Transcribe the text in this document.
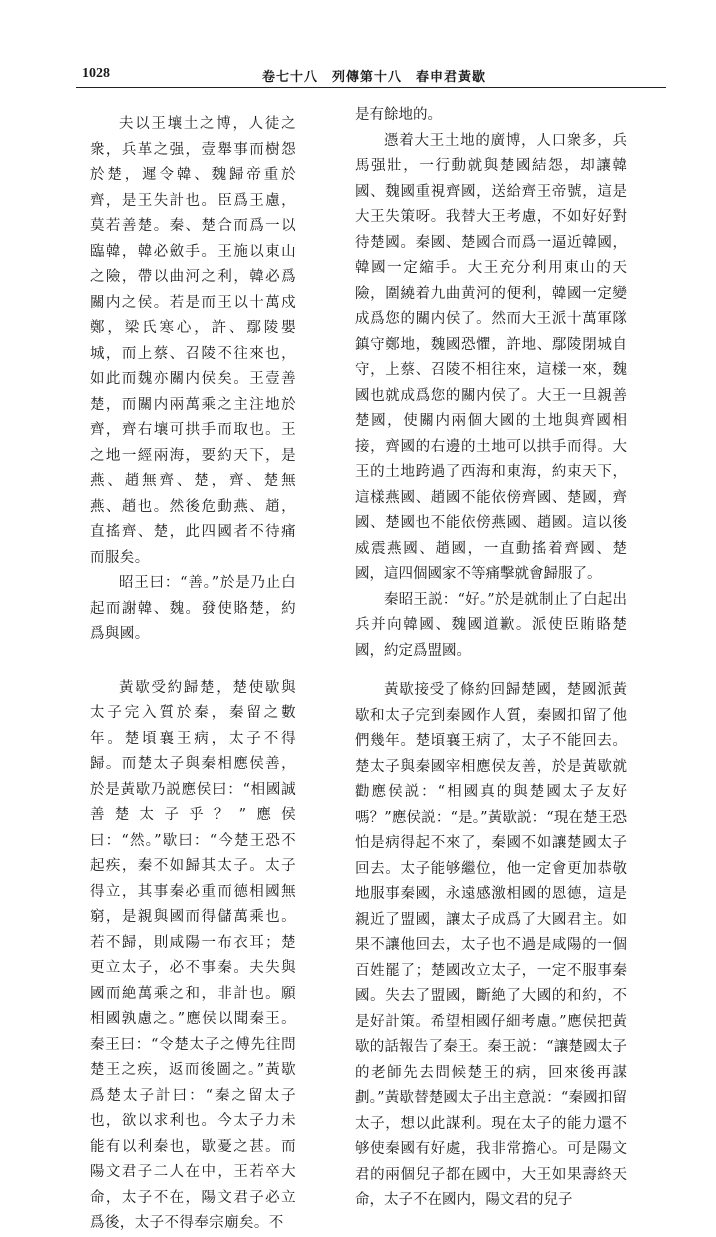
1028	卷七十八　列傳第十八　春申君黃歇

夫以王壤土之博，人徒之衆，兵革之强，壹舉事而樹怨於楚，遲令韓、魏歸帝重於齊，是王失計也。臣爲王慮，莫若善楚。秦、楚合而爲一以臨韓，韓必斂手。王施以東山之險，帶以曲河之利，韓必爲關内之侯。若是而王以十萬戍鄭，梁氏寒心，許、鄢陵嬰城，而上蔡、召陵不往來也，如此而魏亦關内侯矣。王壹善楚，而關内兩萬乘之主注地於齊，齊右壤可拱手而取也。王之地一經兩海，要約天下，是燕、趙無齊、楚，齊、楚無燕、趙也。然後危動燕、趙，直搖齊、楚，此四國者不待痛而服矣。

昭王曰：“善。”於是乃止白起而謝韓、魏。發使賂楚，約爲與國。

黃歇受約歸楚，楚使歇與太子完入質於秦，秦留之數年。楚頃襄王病，太子不得歸。而楚太子與秦相應侯善，於是黃歇乃説應侯曰：“相國誠善楚太子乎？”應侯曰：“然。”歇曰：“今楚王恐不起疾，秦不如歸其太子。太子得立，其事秦必重而德相國無窮，是親與國而得儲萬乘也。若不歸，則咸陽一布衣耳；楚更立太子，必不事秦。夫失與國而絶萬乘之和，非計也。願相國孰慮之。”應侯以聞秦王。秦王曰：“令楚太子之傅先往問楚王之疾，返而後圖之。”黃歇爲楚太子計曰：“秦之留太子也，欲以求利也。今太子力未能有以利秦也，歇憂之甚。而陽文君子二人在中，王若卒大命，太子不在，陽文君子必立爲後，太子不得奉宗廟矣。不

是有餘地的。

憑着大王土地的廣博，人口衆多，兵馬强壯，一行動就與楚國結怨，却讓韓國、魏國重視齊國，送給齊王帝號，這是大王失策呀。我替大王考慮，不如好好對待楚國。秦國、楚國合而爲一逼近韓國，韓國一定縮手。大王充分利用東山的天險，圍繞着九曲黄河的便利，韓國一定變成爲您的關内侯了。然而大王派十萬軍隊鎮守鄭地，魏國恐懼，許地、鄢陵閉城自守，上蔡、召陵不相往來，這樣一來，魏國也就成爲您的關内侯了。大王一旦親善楚國，使關内兩個大國的土地與齊國相接，齊國的右邊的土地可以拱手而得。大王的土地跨過了西海和東海，約束天下，這樣燕國、趙國不能依傍齊國、楚國，齊國、楚國也不能依傍燕國、趙國。這以後威震燕國、趙國，一直動搖着齊國、楚國，這四個國家不等痛擊就會歸服了。

秦昭王説：“好。”於是就制止了白起出兵并向韓國、魏國道歉。派使臣賄賂楚國，約定爲盟國。

黃歇接受了條約回歸楚國，楚國派黃歇和太子完到秦國作人質，秦國扣留了他們幾年。楚頃襄王病了，太子不能回去。楚太子與秦國宰相應侯友善，於是黃歇就勸應侯説：“相國真的與楚國太子友好嗎？”應侯説：“是。”黃歇説：“現在楚王恐怕是病得起不來了，秦國不如讓楚國太子回去。太子能够繼位，他一定會更加恭敬地服事秦國，永遠感激相國的恩德，這是親近了盟國，讓太子成爲了大國君主。如果不讓他回去，太子也不過是咸陽的一個百姓罷了；楚國改立太子，一定不服事秦國。失去了盟國，斷絶了大國的和約，不是好計策。希望相國仔細考慮。”應侯把黃歇的話報告了秦王。秦王説：“讓楚國太子的老師先去問候楚王的病，回來後再謀劃。”黃歇替楚國太子出主意説：“秦國扣留太子，想以此謀利。現在太子的能力還不够使秦國有好處，我非常擔心。可是陽文君的兩個兒子都在國中，大王如果壽終天命，太子不在國内，陽文君的兒子
